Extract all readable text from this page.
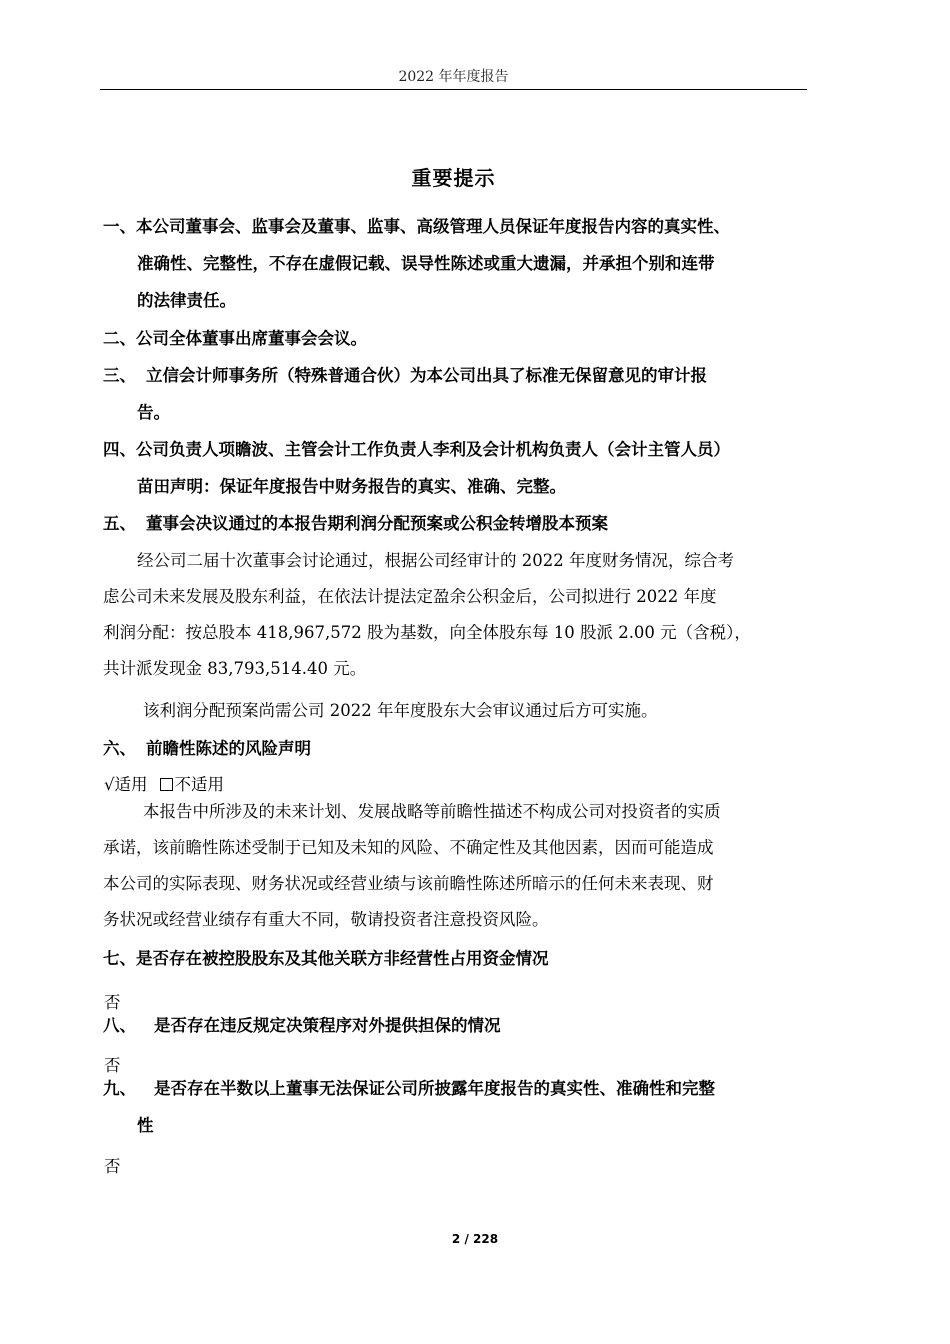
2022 年年度报告
重要提示
一、本公司董事会、监事会及董事、监事、高级管理人员保证年度报告内容的真实性、
准确性、完整性，不存在虚假记载、误导性陈述或重大遗漏，并承担个别和连带
的法律责任。
二、公司全体董事出席董事会会议。
三、 立信会计师事务所（特殊普通合伙）为本公司出具了标准无保留意见的审计报
告。
四、公司负责人项瞻波、主管会计工作负责人李利及会计机构负责人（会计主管人员）
苗田声明：保证年度报告中财务报告的真实、准确、完整。
五、 董事会决议通过的本报告期利润分配预案或公积金转增股本预案
经公司二届十次董事会讨论通过，根据公司经审计的 2022 年度财务情况，综合考
虑公司未来发展及股东利益，在依法计提法定盈余公积金后，公司拟进行 2022 年度
利润分配：按总股本 418,967,572 股为基数，向全体股东每 10 股派 2.00 元（含税），
共计派发现金 83,793,514.40 元。
该利润分配预案尚需公司 2022 年年度股东大会审议通过后方可实施。
六、 前瞻性陈述的风险声明
√适用 不适用
本报告中所涉及的未来计划、发展战略等前瞻性描述不构成公司对投资者的实质
承诺，该前瞻性陈述受制于已知及未知的风险、不确定性及其他因素，因而可能造成
本公司的实际表现、财务状况或经营业绩与该前瞻性陈述所暗示的任何未来表现、财
务状况或经营业绩存有重大不同，敬请投资者注意投资风险。
七、是否存在被控股股东及其他关联方非经营性占用资金情况
否
八、 是否存在违反规定决策程序对外提供担保的情况
否
九、 是否存在半数以上董事无法保证公司所披露年度报告的真实性、准确性和完整
性
否
2 / 228
